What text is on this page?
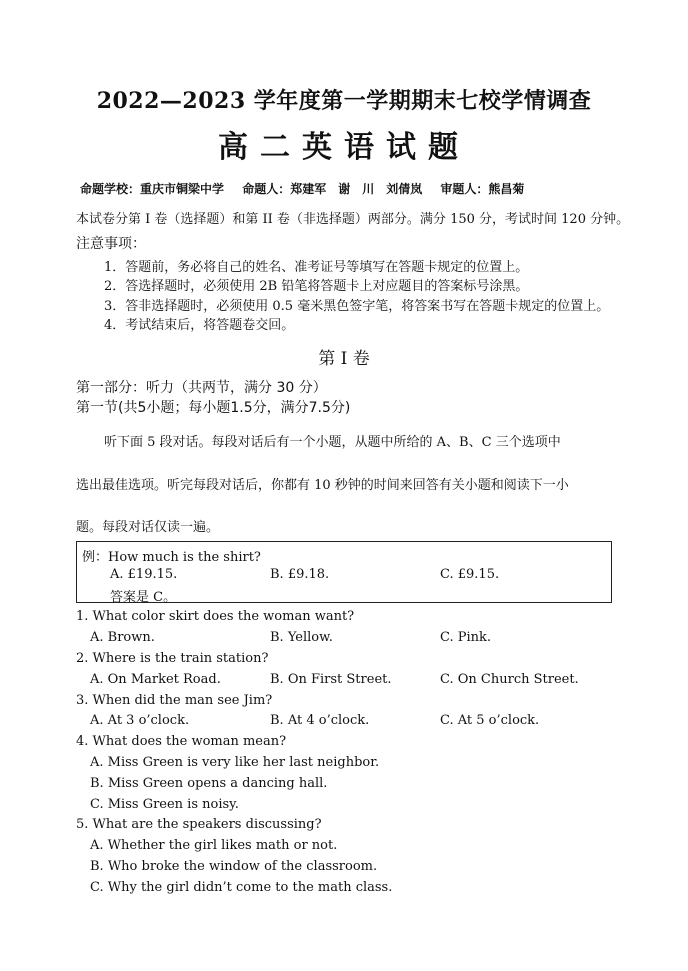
2022—2023 学年度第一学期期末七校学情调查
高二英语试题
命题学校：重庆市铜梁中学 命题人：郑建军　谢　川　刘倩岚 审题人：熊昌菊
本试卷分第 I 卷（选择题）和第 II 卷（非选择题）两部分。满分 150 分，考试时间 120 分钟。
注意事项：
1．答题前，务必将自己的姓名、准考证号等填写在答题卡规定的位置上。
2．答选择题时，必须使用 2B 铅笔将答题卡上对应题目的答案标号涂黑。
3．答非选择题时，必须使用 0.5 毫米黑色签字笔，将答案书写在答题卡规定的位置上。
4．考试结束后，将答题卷交回。
第 I 卷
第一部分：听力（共两节，满分 30 分）
第一节(共5小题；每小题1.5分，满分7.5分)
听下面 5 段对话。每段对话后有一个小题，从题中所给的 A、B、C 三个选项中
选出最佳选项。听完每段对话后，你都有 10 秒钟的时间来回答有关小题和阅读下一小
题。每段对话仅读一遍。
例：How much is the shirt?
A. £19.15.	B. £9.18.	C. £9.15.
答案是 C。
1. What color skirt does the woman want?
A. Brown.	B. Yellow.	C. Pink.
2. Where is the train station?
A. On Market Road.	B. On First Street.	C. On Church Street.
3. When did the man see Jim?
A. At 3 o’clock.	B. At 4 o’clock.	C. At 5 o’clock.
4. What does the woman mean?
A. Miss Green is very like her last neighbor.
B. Miss Green opens a dancing hall.
C. Miss Green is noisy.
5. What are the speakers discussing?
A. Whether the girl likes math or not.
B. Who broke the window of the classroom.
C. Why the girl didn’t come to the math class.
